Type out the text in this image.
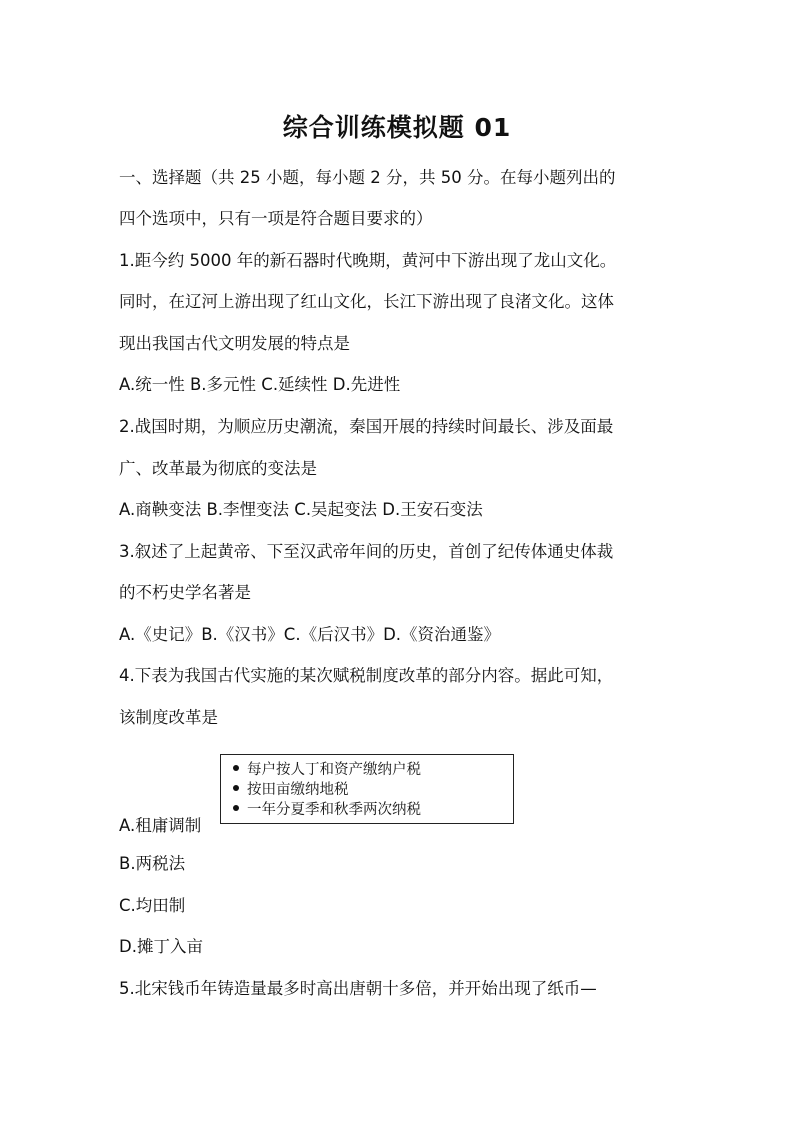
综合训练模拟题 01
一、选择题（共 25 小题，每小题 2 分，共 50 分。在每小题列出的
四个选项中，只有一项是符合题目要求的）
1.距今约 5000 年的新石器时代晚期，黄河中下游出现了龙山文化。
同时，在辽河上游出现了红山文化，长江下游出现了良渚文化。这体
现出我国古代文明发展的特点是
A.统一性 B.多元性 C.延续性 D.先进性
2.战国时期，为顺应历史潮流，秦国开展的持续时间最长、涉及面最
广、改革最为彻底的变法是
A.商鞅变法 B.李悝变法 C.吴起变法 D.王安石变法
3.叙述了上起黄帝、下至汉武帝年间的历史，首创了纪传体通史体裁
的不朽史学名著是
A.《史记》B.《汉书》C.《后汉书》D.《资治通鉴》
4.下表为我国古代实施的某次赋税制度改革的部分内容。据此可知，
该制度改革是
每户按人丁和资产缴纳户税
按田亩缴纳地税
一年分夏季和秋季两次纳税
A.租庸调制
B.两税法
C.均田制
D.摊丁入亩
5.北宋钱币年铸造量最多时高出唐朝十多倍，并开始出现了纸币—
